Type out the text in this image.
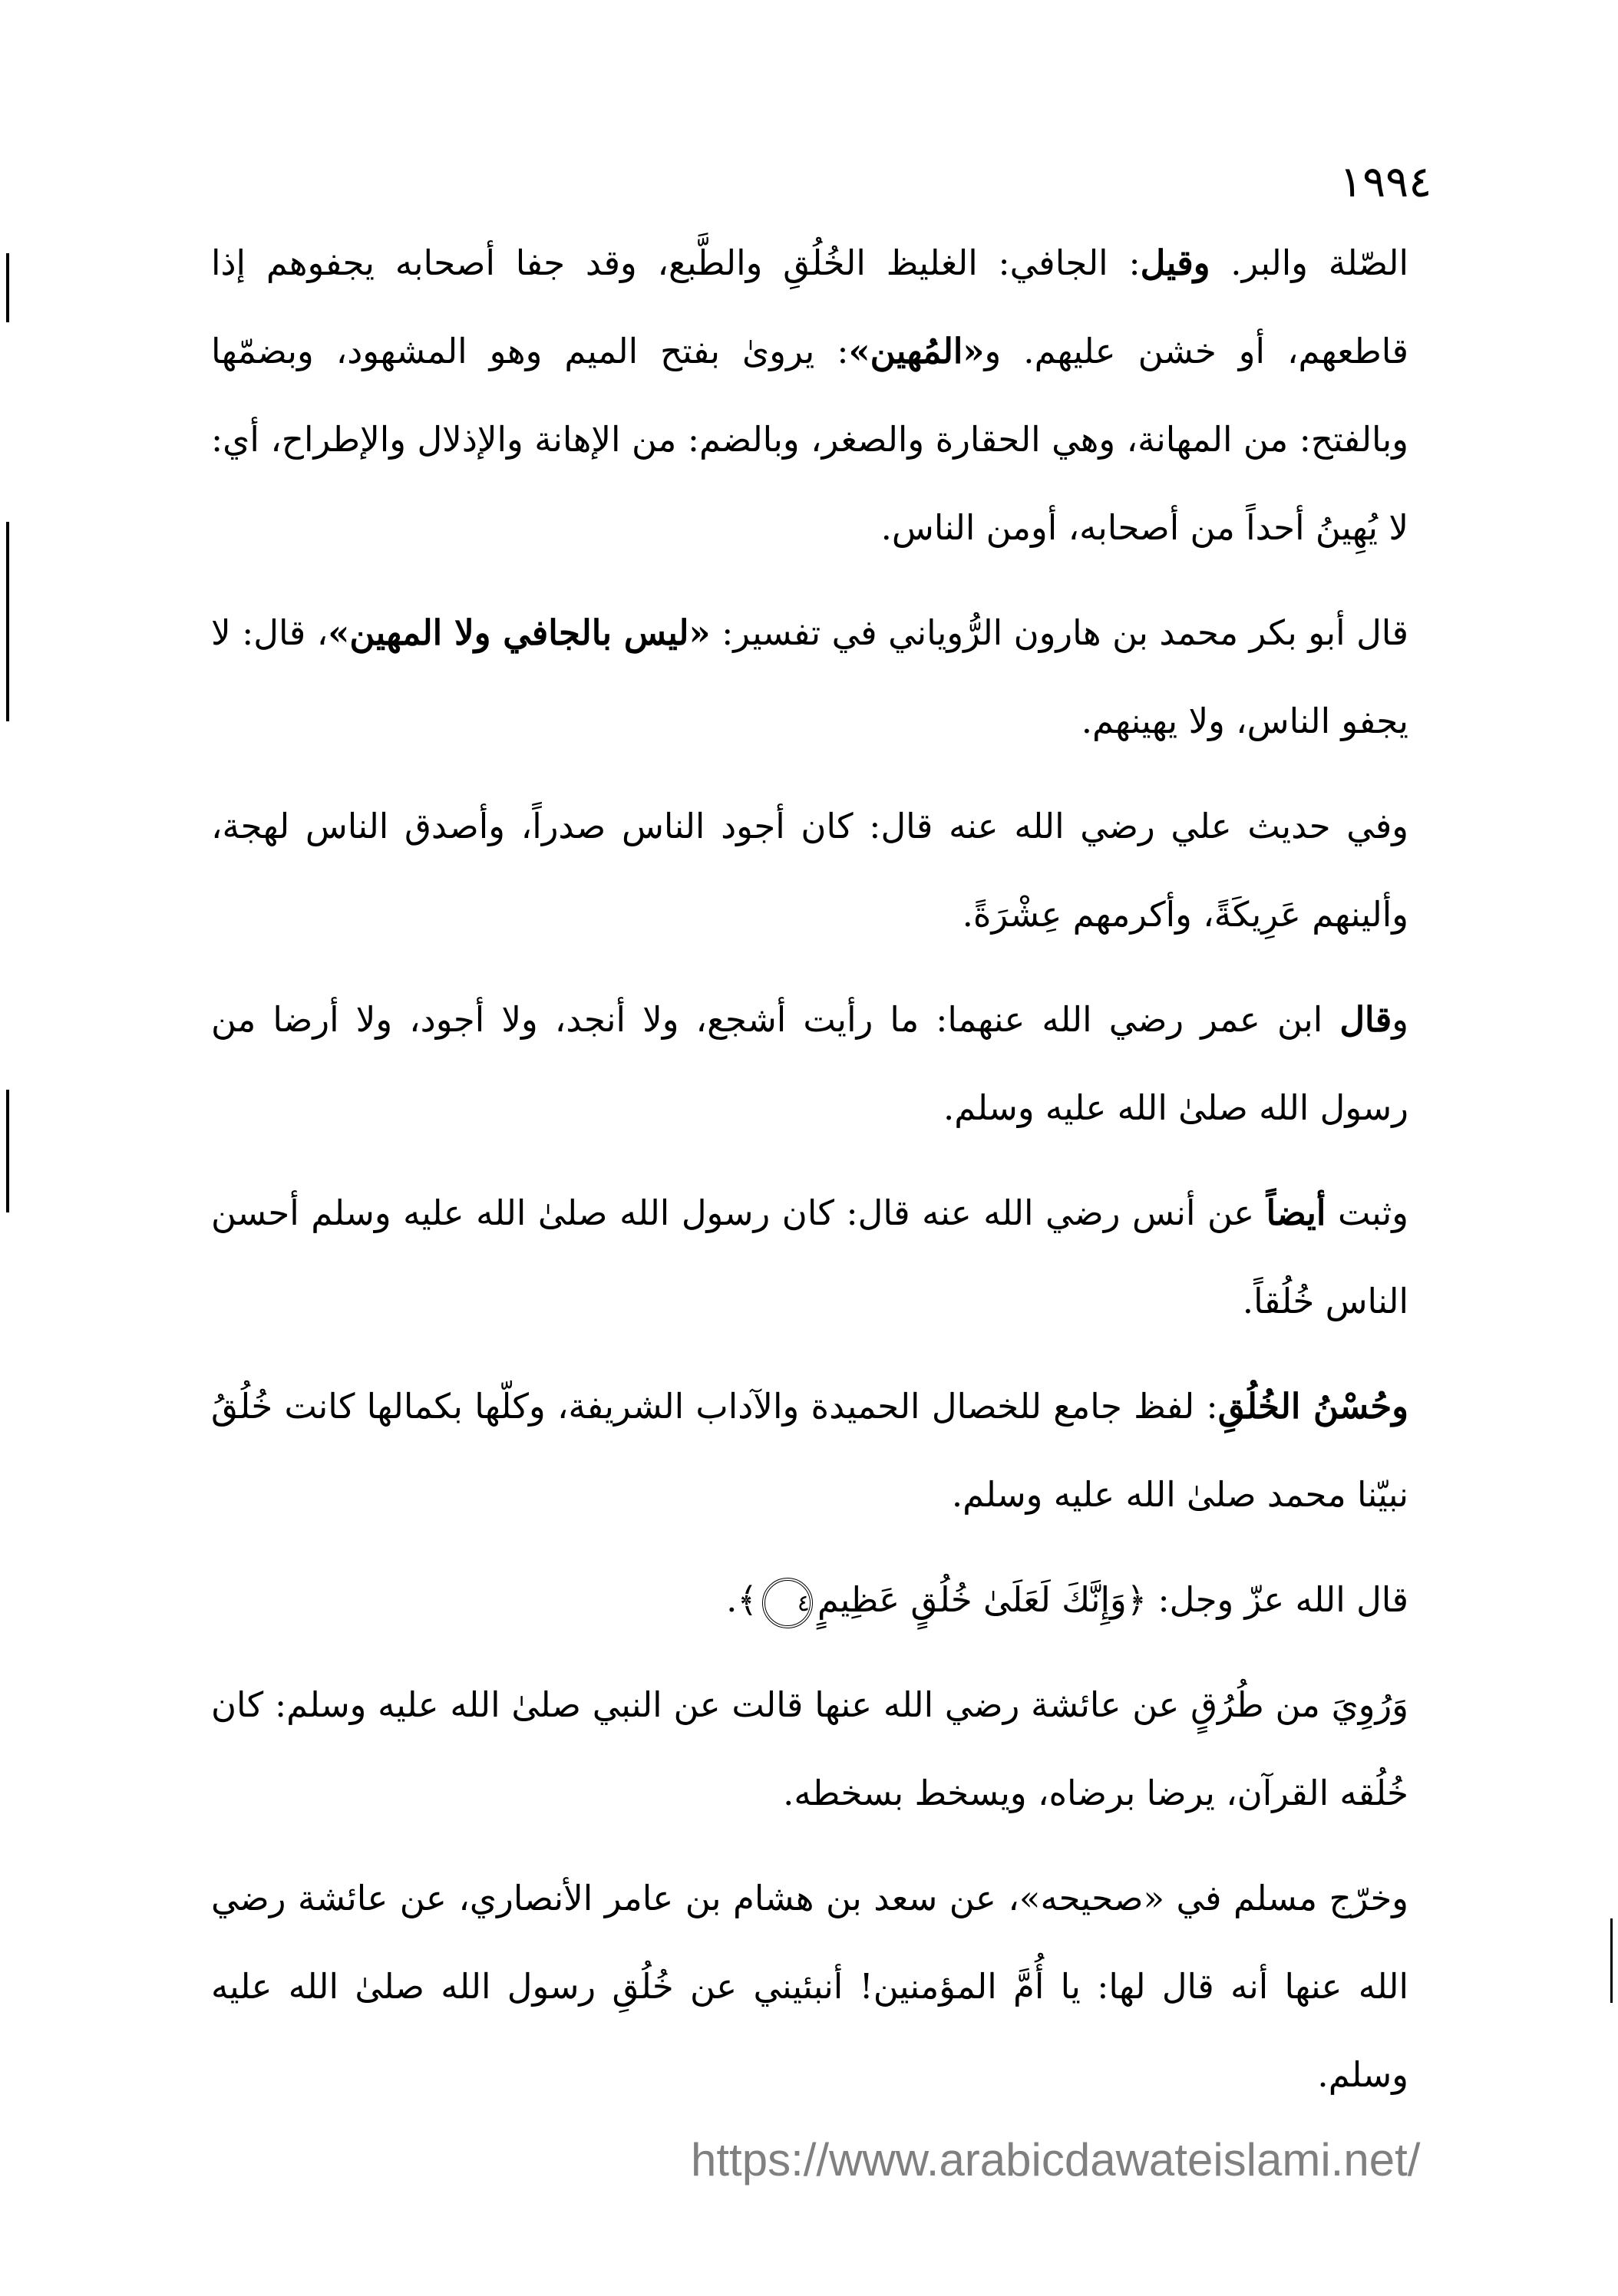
١٩٩٤

الصّلة والبر. وقيل: الجافي: الغليظ الخُلُقِ والطَّبع، وقد جفا أصحابه يجفوهم إذا قاطعهم، أو خشن عليهم. و«المُهين»: يروىٰ بفتح الميم وهو المشهود، وبضمّها وبالفتح: من المهانة، وهي الحقارة والصغر، وبالضم: من الإهانة والإذلال والإطراح، أي: لا يُهِينُ أحداً من أصحابه، أومن الناس.

قال أبو بكر محمد بن هارون الرُّوياني في تفسير: «ليس بالجافي ولا المهين»، قال: لا يجفو الناس، ولا يهينهم.

وفي حديث علي رضي الله عنه قال: كان أجود الناس صدراً، وأصدق الناس لهجة، وألينهم عَرِيكَةً، وأكرمهم عِشْرَةً.

وقال ابن عمر رضي الله عنهما: ما رأيت أشجع، ولا أنجد، ولا أجود، ولا أرضا من رسول الله صلىٰ الله عليه وسلم.

وثبت أيضاً عن أنس رضي الله عنه قال: كان رسول الله صلىٰ الله عليه وسلم أحسن الناس خُلُقاً.

وحُسْنُ الخُلُقِ: لفظ جامع للخصال الحميدة والآداب الشريفة، وكلّها بكمالها كانت خُلُقُ نبيّنا محمد صلىٰ الله عليه وسلم.

قال الله عزّ وجل: ﴿وَإِنَّكَ لَعَلَىٰ خُلُقٍ عَظِيمٍ٤﴾.

وَرُوِيَ من طُرُقٍ عن عائشة رضي الله عنها قالت عن النبي صلىٰ الله عليه وسلم: كان خُلُقه القرآن، يرضا برضاه، ويسخط بسخطه.

وخرّج مسلم في «صحيحه»، عن سعد بن هشام بن عامر الأنصاري، عن عائشة رضي الله عنها أنه قال لها: يا أُمَّ المؤمنين! أنبئيني عن خُلُقِ رسول الله صلىٰ الله عليه وسلم.

https://www.arabicdawateislami.net/
